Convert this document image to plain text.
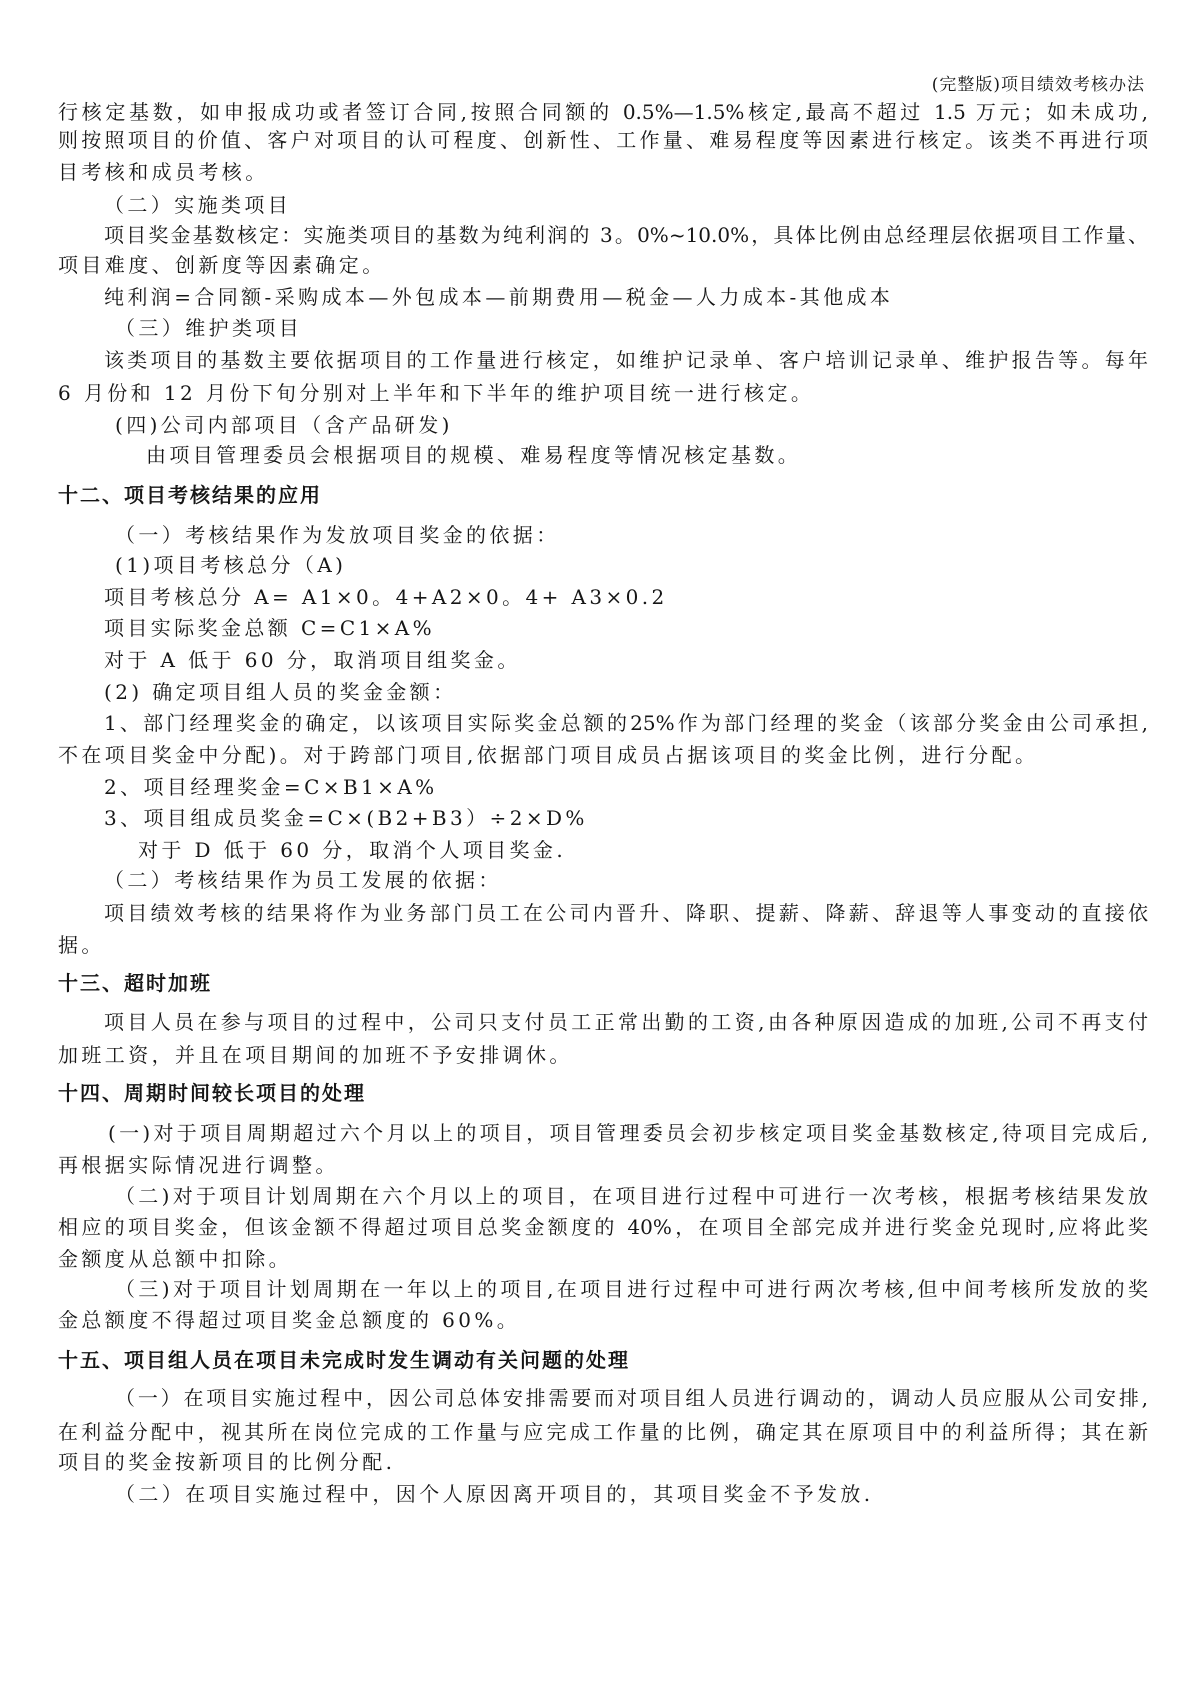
(完整版)项目绩效考核办法
行核定基数，如申报成功或者签订合同,按照合同额的 0.5%—1.5%核定,最高不超过 1.5 万元；如未成功,
则按照项目的价值、客户对项目的认可程度、创新性、工作量、难易程度等因素进行核定。该类不再进行项
目考核和成员考核。
（二）实施类项目
项目奖金基数核定：实施类项目的基数为纯利润的 3。0%~10.0%，具体比例由总经理层依据项目工作量、
项目难度、创新度等因素确定。
纯利润=合同额-采购成本—外包成本—前期费用—税金—人力成本-其他成本
（三）维护类项目
该类项目的基数主要依据项目的工作量进行核定，如维护记录单、客户培训记录单、维护报告等。每年
6 月份和 12 月份下旬分别对上半年和下半年的维护项目统一进行核定。
(四)公司内部项目（含产品研发)
由项目管理委员会根据项目的规模、难易程度等情况核定基数。
十二、项目考核结果的应用
（一）考核结果作为发放项目奖金的依据：
(1)项目考核总分（A)
项目考核总分 A= A1×0。4+A2×0。4+ A3×0.2
项目实际奖金总额 C=C1×A%
对于 A 低于 60 分，取消项目组奖金。
(2) 确定项目组人员的奖金金额：
1、部门经理奖金的确定，以该项目实际奖金总额的25%作为部门经理的奖金（该部分奖金由公司承担,
不在项目奖金中分配)。对于跨部门项目,依据部门项目成员占据该项目的奖金比例，进行分配。
2、项目经理奖金=C×B1×A%
3、项目组成员奖金=C×(B2+B3）÷2×D%
对于 D 低于 60 分，取消个人项目奖金.
（二）考核结果作为员工发展的依据：
项目绩效考核的结果将作为业务部门员工在公司内晋升、降职、提薪、降薪、辞退等人事变动的直接依
据。
十三、超时加班
项目人员在参与项目的过程中，公司只支付员工正常出勤的工资,由各种原因造成的加班,公司不再支付
加班工资，并且在项目期间的加班不予安排调休。
十四、周期时间较长项目的处理
(一)对于项目周期超过六个月以上的项目，项目管理委员会初步核定项目奖金基数核定,待项目完成后,
再根据实际情况进行调整。
（二)对于项目计划周期在六个月以上的项目，在项目进行过程中可进行一次考核，根据考核结果发放
相应的项目奖金，但该金额不得超过项目总奖金额度的 40%，在项目全部完成并进行奖金兑现时,应将此奖
金额度从总额中扣除。
（三)对于项目计划周期在一年以上的项目,在项目进行过程中可进行两次考核,但中间考核所发放的奖
金总额度不得超过项目奖金总额度的 60%。
十五、项目组人员在项目未完成时发生调动有关问题的处理
（一）在项目实施过程中，因公司总体安排需要而对项目组人员进行调动的，调动人员应服从公司安排,
在利益分配中，视其所在岗位完成的工作量与应完成工作量的比例，确定其在原项目中的利益所得；其在新
项目的奖金按新项目的比例分配.
（二）在项目实施过程中，因个人原因离开项目的，其项目奖金不予发放.
